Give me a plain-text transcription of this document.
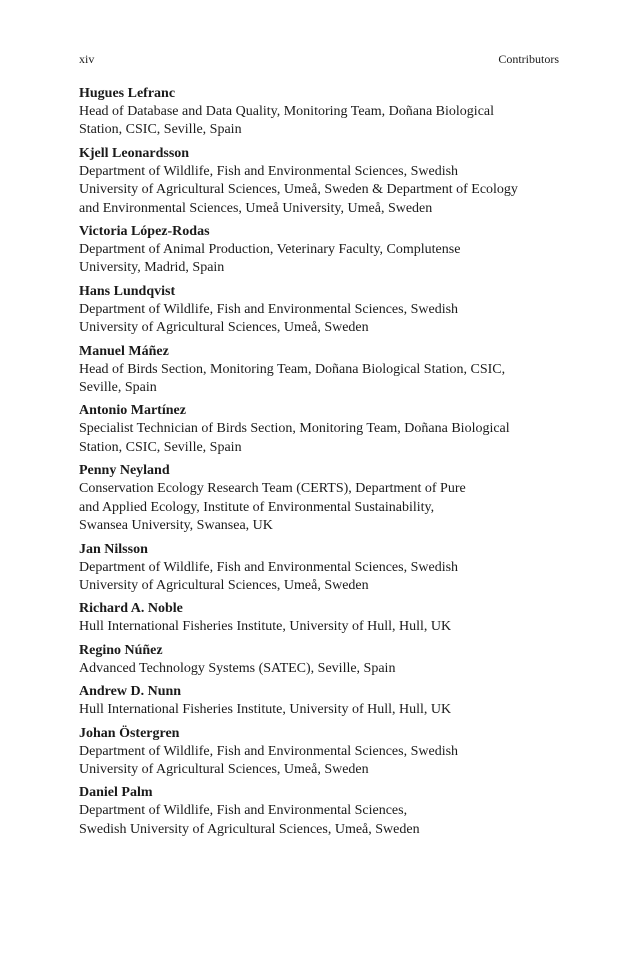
xiv	Contributors
Hugues Lefranc
Head of Database and Data Quality, Monitoring Team, Doñana Biological
Station, CSIC, Seville, Spain
Kjell Leonardsson
Department of Wildlife, Fish and Environmental Sciences, Swedish
University of Agricultural Sciences, Umeå, Sweden & Department of Ecology
and Environmental Sciences, Umeå University, Umeå, Sweden
Victoria López-Rodas
Department of Animal Production, Veterinary Faculty, Complutense
University, Madrid, Spain
Hans Lundqvist
Department of Wildlife, Fish and Environmental Sciences, Swedish
University of Agricultural Sciences, Umeå, Sweden
Manuel Máñez
Head of Birds Section, Monitoring Team, Doñana Biological Station, CSIC,
Seville, Spain
Antonio Martínez
Specialist Technician of Birds Section, Monitoring Team, Doñana Biological
Station, CSIC, Seville, Spain
Penny Neyland
Conservation Ecology Research Team (CERTS), Department of Pure
and Applied Ecology, Institute of Environmental Sustainability,
Swansea University, Swansea, UK
Jan Nilsson
Department of Wildlife, Fish and Environmental Sciences, Swedish
University of Agricultural Sciences, Umeå, Sweden
Richard A. Noble
Hull International Fisheries Institute, University of Hull, Hull, UK
Regino Núñez
Advanced Technology Systems (SATEC), Seville, Spain
Andrew D. Nunn
Hull International Fisheries Institute, University of Hull, Hull, UK
Johan Östergren
Department of Wildlife, Fish and Environmental Sciences, Swedish
University of Agricultural Sciences, Umeå, Sweden
Daniel Palm
Department of Wildlife, Fish and Environmental Sciences,
Swedish University of Agricultural Sciences, Umeå, Sweden
